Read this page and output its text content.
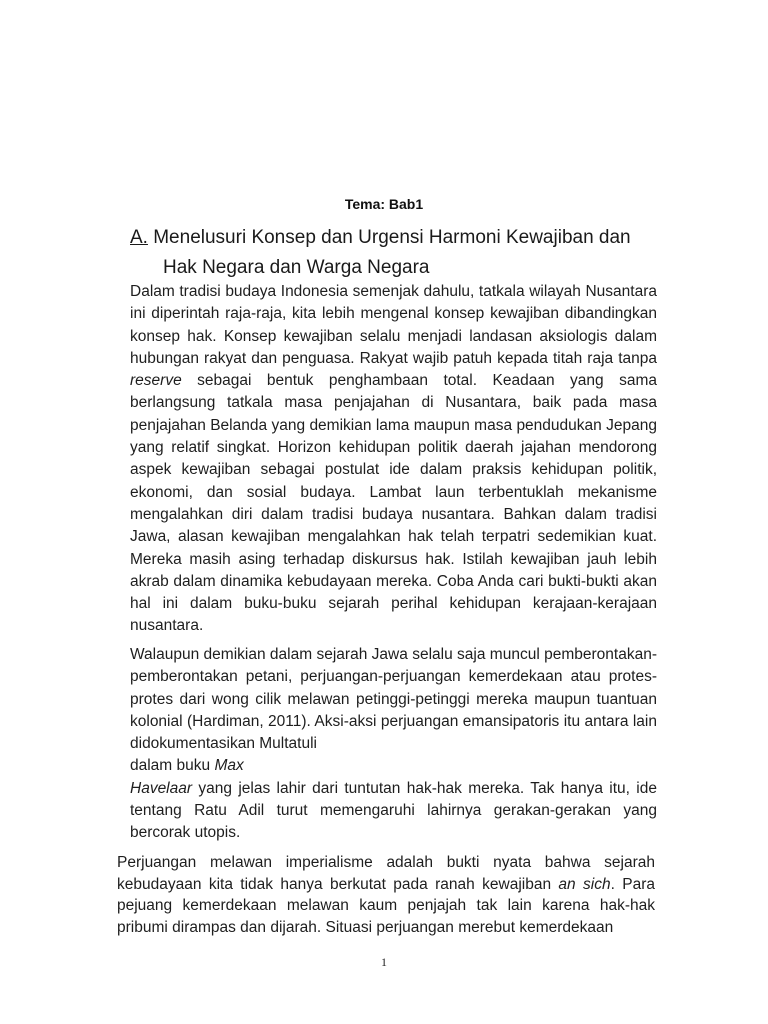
Tema: Bab1
A. Menelusuri Konsep dan Urgensi Harmoni Kewajiban dan
Hak Negara dan Warga Negara
Dalam tradisi budaya Indonesia semenjak dahulu, tatkala wilayah Nusantara ini diperintah raja-raja, kita lebih mengenal konsep kewajiban dibandingkan konsep hak. Konsep kewajiban selalu menjadi landasan aksiologis dalam hubungan rakyat dan penguasa. Rakyat wajib patuh kepada titah raja tanpa reserve sebagai bentuk penghambaan total. Keadaan yang sama berlangsung tatkala masa penjajahan di Nusantara, baik pada masa penjajahan Belanda yang demikian lama maupun masa pendudukan Jepang yang relatif singkat. Horizon kehidupan politik daerah jajahan mendorong aspek kewajiban sebagai postulat ide dalam praksis kehidupan politik, ekonomi, dan sosial budaya. Lambat laun terbentuklah mekanisme mengalahkan diri dalam tradisi budaya nusantara. Bahkan dalam tradisi Jawa, alasan kewajiban mengalahkan hak telah terpatri sedemikian kuat. Mereka masih asing terhadap diskursus hak. Istilah kewajiban jauh lebih akrab dalam dinamika kebudayaan mereka. Coba Anda cari bukti-bukti akan hal ini dalam buku-buku sejarah perihal kehidupan kerajaan-kerajaan nusantara.
Walaupun demikian dalam sejarah Jawa selalu saja muncul pemberontakan-pemberontakan petani, perjuangan-perjuangan kemerdekaan atau protes-protes dari wong cilik melawan petinggi-petinggi mereka maupun tuantuan kolonial (Hardiman, 2011). Aksi-aksi perjuangan emansipatoris itu antara lain didokumentasikan Multatuli
dalam buku Max
Havelaar yang jelas lahir dari tuntutan hak-hak mereka. Tak hanya itu, ide tentang Ratu Adil turut memengaruhi lahirnya gerakan-gerakan yang bercorak utopis.
Perjuangan melawan imperialisme adalah bukti nyata bahwa sejarah kebudayaan kita tidak hanya berkutat pada ranah kewajiban an sich. Para pejuang kemerdekaan melawan kaum penjajah tak lain karena hak-hak pribumi dirampas dan dijarah. Situasi perjuangan merebut kemerdekaan
1
